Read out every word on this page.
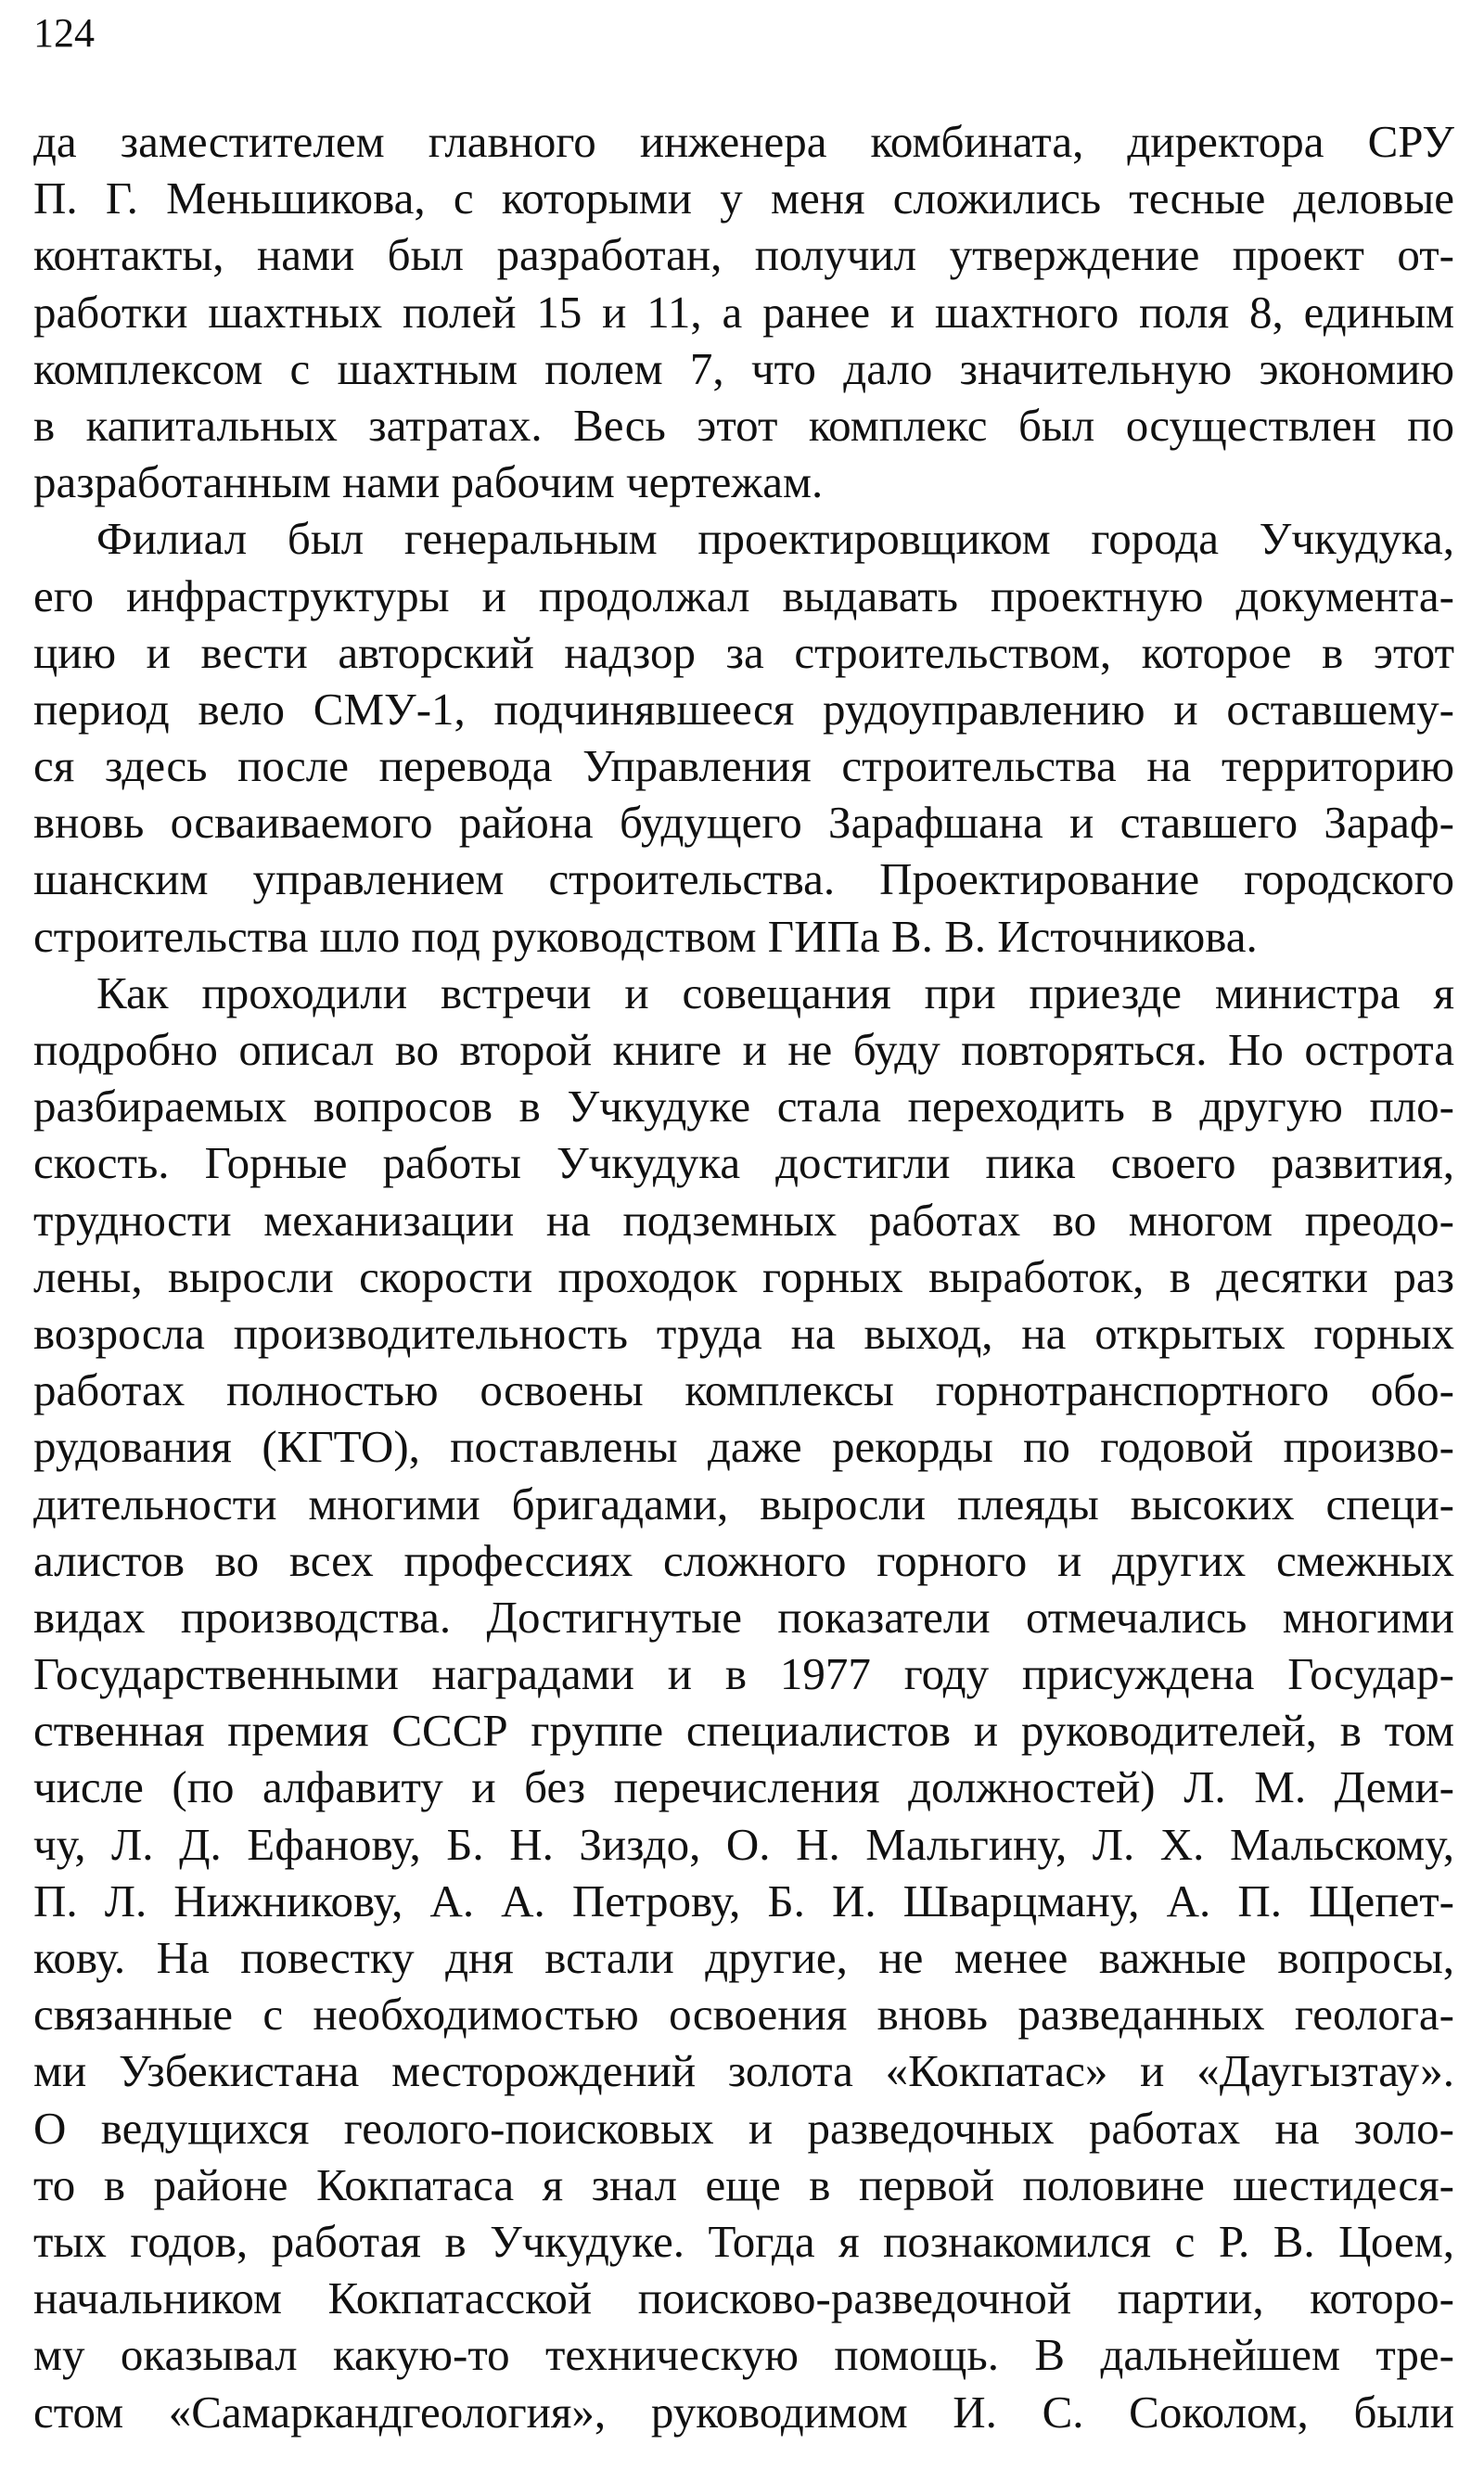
124
да заместителем главного инженера комбината, директора СРУ
П. Г. Меньшикова, с которыми у меня сложились тесные деловые
контакты, нами был разработан, получил утверждение проект от-
работки шахтных полей 15 и 11, а ранее и шахтного поля 8, единым
комплексом с шахтным полем 7, что дало значительную экономию
в капитальных затратах. Весь этот комплекс был осуществлен по
разработанным нами рабочим чертежам.
Филиал был генеральным проектировщиком города Учкудука,
его инфраструктуры и продолжал выдавать проектную документа-
цию и вести авторский надзор за строительством, которое в этот
период вело СМУ-1, подчинявшееся рудоуправлению и оставшему-
ся здесь после перевода Управления строительства на территорию
вновь осваиваемого района будущего Зарафшана и ставшего Зараф-
шанским управлением строительства. Проектирование городского
строительства шло под руководством ГИПа В. В. Источникова.
Как проходили встречи и совещания при приезде министра я
подробно описал во второй книге и не буду повторяться. Но острота
разбираемых вопросов в Учкудуке стала переходить в другую пло-
скость. Горные работы Учкудука достигли пика своего развития,
трудности механизации на подземных работах во многом преодо-
лены, выросли скорости проходок горных выработок, в десятки раз
возросла производительность труда на выход, на открытых горных
работах полностью освоены комплексы горнотранспортного обо-
рудования (КГТО), поставлены даже рекорды по годовой произво-
дительности многими бригадами, выросли плеяды высоких специ-
алистов во всех профессиях сложного горного и других смежных
видах производства. Достигнутые показатели отмечались многими
Государственными наградами и в 1977 году присуждена Государ-
ственная премия СССР группе специалистов и руководителей, в том
числе (по алфавиту и без перечисления должностей) Л. М. Деми-
чу, Л. Д. Ефанову, Б. Н. Зиздо, О. Н. Мальгину, Л. Х. Мальскому,
П. Л. Нижникову, А. А. Петрову, Б. И. Шварцману, А. П. Щепет-
кову. На повестку дня встали другие, не менее важные вопросы,
связанные с необходимостью освоения вновь разведанных геолога-
ми Узбекистана месторождений золота «Кокпатас» и «Даугызтау».
О ведущихся геолого-поисковых и разведочных работах на золо-
то в районе Кокпатаса я знал еще в первой половине шестидеся-
тых годов, работая в Учкудуке. Тогда я познакомился с Р. В. Цоем,
начальником Кокпатасской поисково-разведочной партии, которо-
му оказывал какую-то техническую помощь. В дальнейшем тре-
стом «Самаркандгеология», руководимом И. С. Соколом, были
